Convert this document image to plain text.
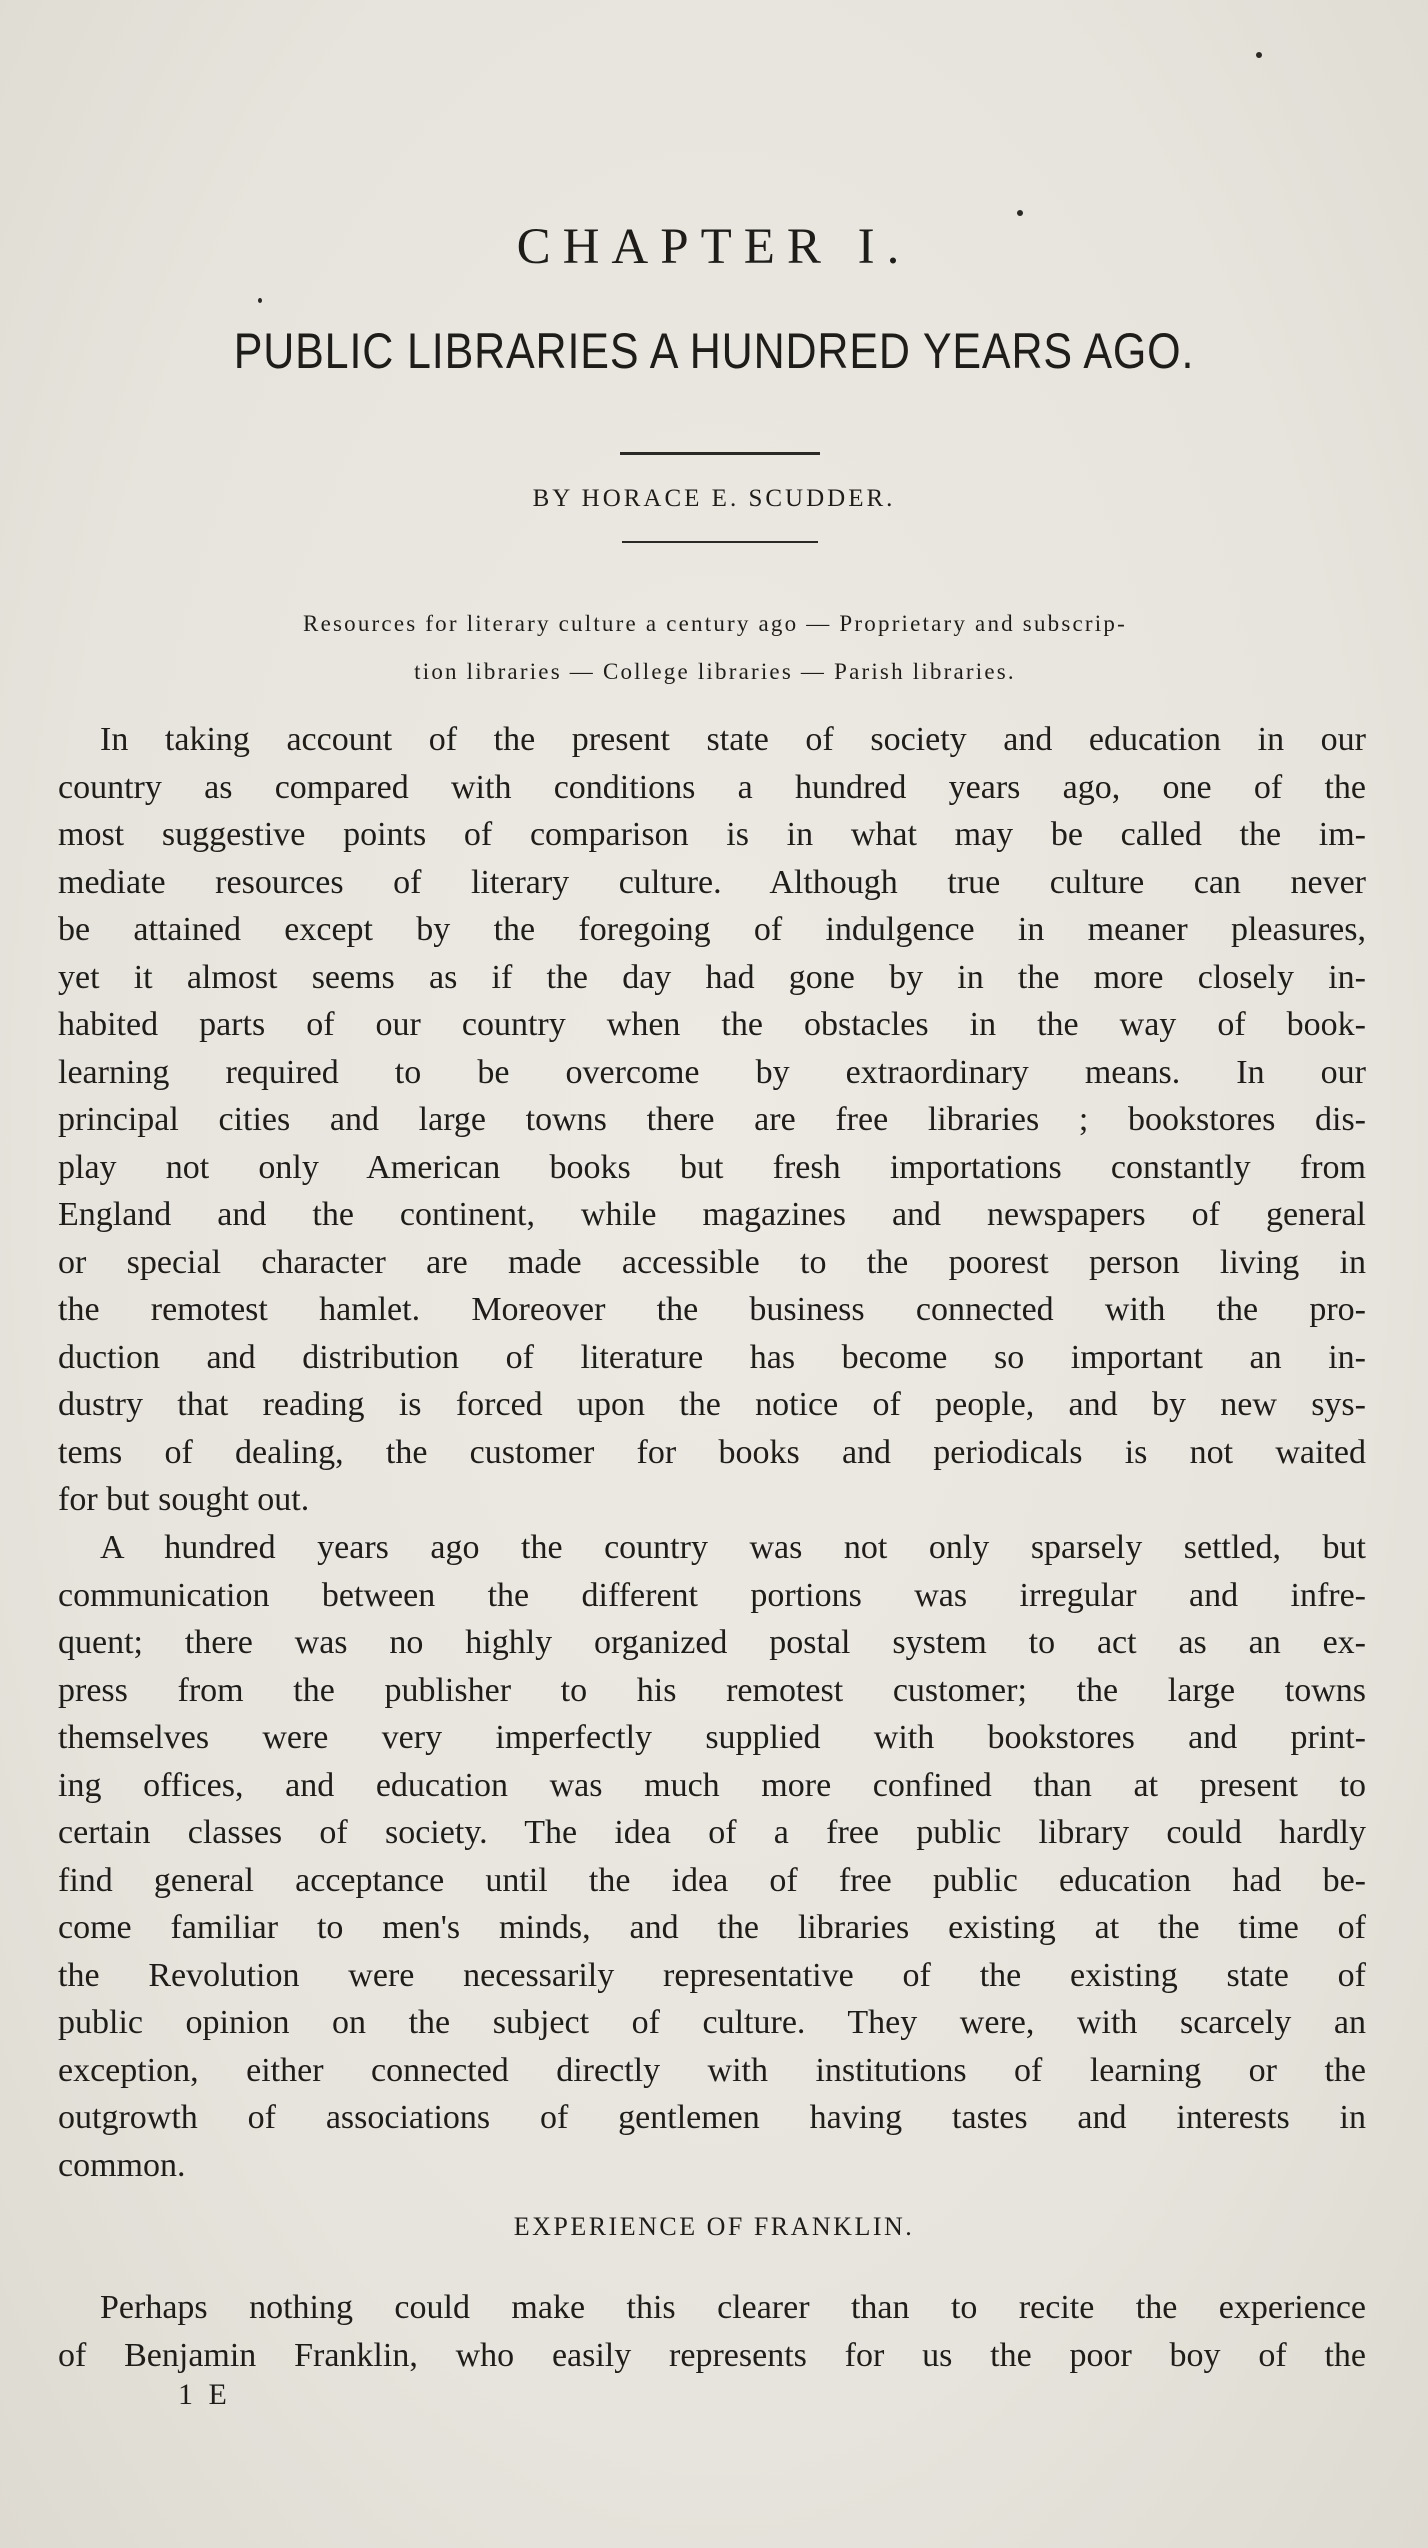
CHAPTER I.
PUBLIC LIBRARIES A HUNDRED YEARS AGO.
BY HORACE E. SCUDDER.
Resources for literary culture a century ago — Proprietary and subscrip-
tion libraries — College libraries — Parish libraries.
In taking account of the present state of society and education in our
country as compared with conditions a hundred years ago, one of the
most suggestive points of comparison is in what may be called the im-
mediate resources of literary culture. Although true culture can never
be attained except by the foregoing of indulgence in meaner pleasures,
yet it almost seems as if the day had gone by in the more closely in-
habited parts of our country when the obstacles in the way of book-
learning required to be overcome by extraordinary means. In our
principal cities and large towns there are free libraries ; bookstores dis-
play not only American books but fresh importations constantly from
England and the continent, while magazines and newspapers of general
or special character are made accessible to the poorest person living in
the remotest hamlet. Moreover the business connected with the pro-
duction and distribution of literature has become so important an in-
dustry that reading is forced upon the notice of people, and by new sys-
tems of dealing, the customer for books and periodicals is not waited
for but sought out.
A hundred years ago the country was not only sparsely settled, but
communication between the different portions was irregular and infre-
quent; there was no highly organized postal system to act as an ex-
press from the publisher to his remotest customer; the large towns
themselves were very imperfectly supplied with bookstores and print-
ing offices, and education was much more confined than at present to
certain classes of society. The idea of a free public library could hardly
find general acceptance until the idea of free public education had be-
come familiar to men's minds, and the libraries existing at the time of
the Revolution were necessarily representative of the existing state of
public opinion on the subject of culture. They were, with scarcely an
exception, either connected directly with institutions of learning or the
outgrowth of associations of gentlemen having tastes and interests in
common.
EXPERIENCE OF FRANKLIN.
Perhaps nothing could make this clearer than to recite the experience
of Benjamin Franklin, who easily represents for us the poor boy of the
1 E
